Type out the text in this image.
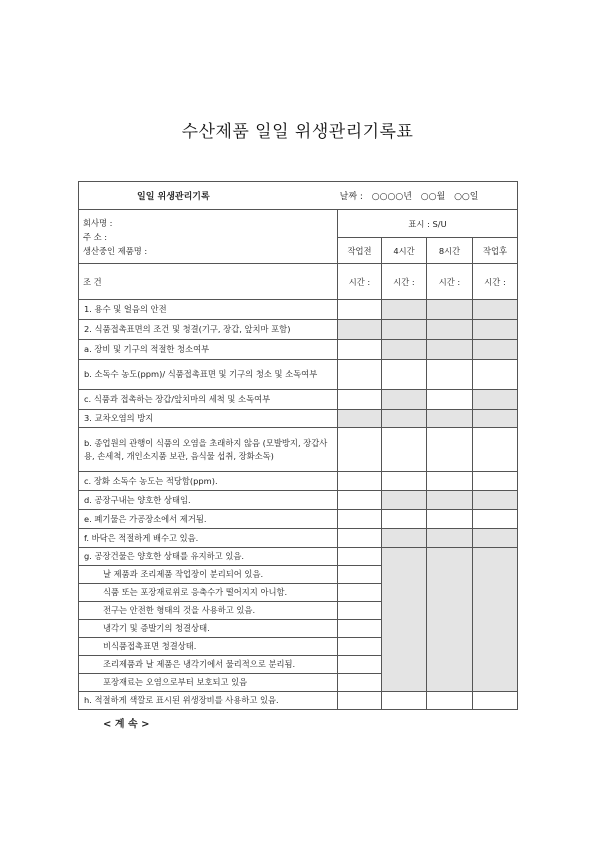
수산제품 일일 위생관리기록표
일일 위생관리기록 날짜 : ○○○○년 ○○월 ○○일				

회사명 :
주 소 :
생산중인 제품명 :	표시 : S/U			
	작업전	4시간	8시간	작업후
조 건	시간 :	시간 :	시간 :	시간 :
1. 용수 및 얼음의 안전				
2. 식품접촉표면의 조건 및 청결(기구, 장갑, 앞치마 포함)				
a. 장비 및 기구의 적절한 청소여부				
b. 소독수 농도(ppm)/ 식품접촉표면 및 기구의 청소 및 소독여부				
c. 식품과 접촉하는 장갑/앞치마의 세척 및 소독여부				
3. 교차오염의 방지				
b. 종업원의 관행이 식품의 오염을 초래하지 않음 (모발방지, 장갑사용, 손세척, 개인소지품 보관, 음식물 섭취, 장화소독)				
c. 장화 소독수 농도는 적당함(ppm).				
d. 공장구내는 양호한 상태임.				
e. 폐기물은 가공장소에서 제거됨.				
f. 바닥은 적절하게 배수고 있음.				
g. 공장건물은 양호한 상태를 유지하고 있음.				
날 제품과 조리제품 작업장이 분리되어 있음.				
식품 또는 포장재료위로 응축수가 떨어지지 아니함.				
전구는 안전한 형태의 것을 사용하고 있음.				
냉각기 및 증발기의 청결상태.				
비식품접촉표면 청결상태.				
조리제품과 날 제품은 냉각기에서 물리적으로 분리됨.				
포장재료는 오염으로부터 보호되고 있음				
h. 적절하게 색깔로 표시된 위생장비를 사용하고 있음.				
< 계 속 >
